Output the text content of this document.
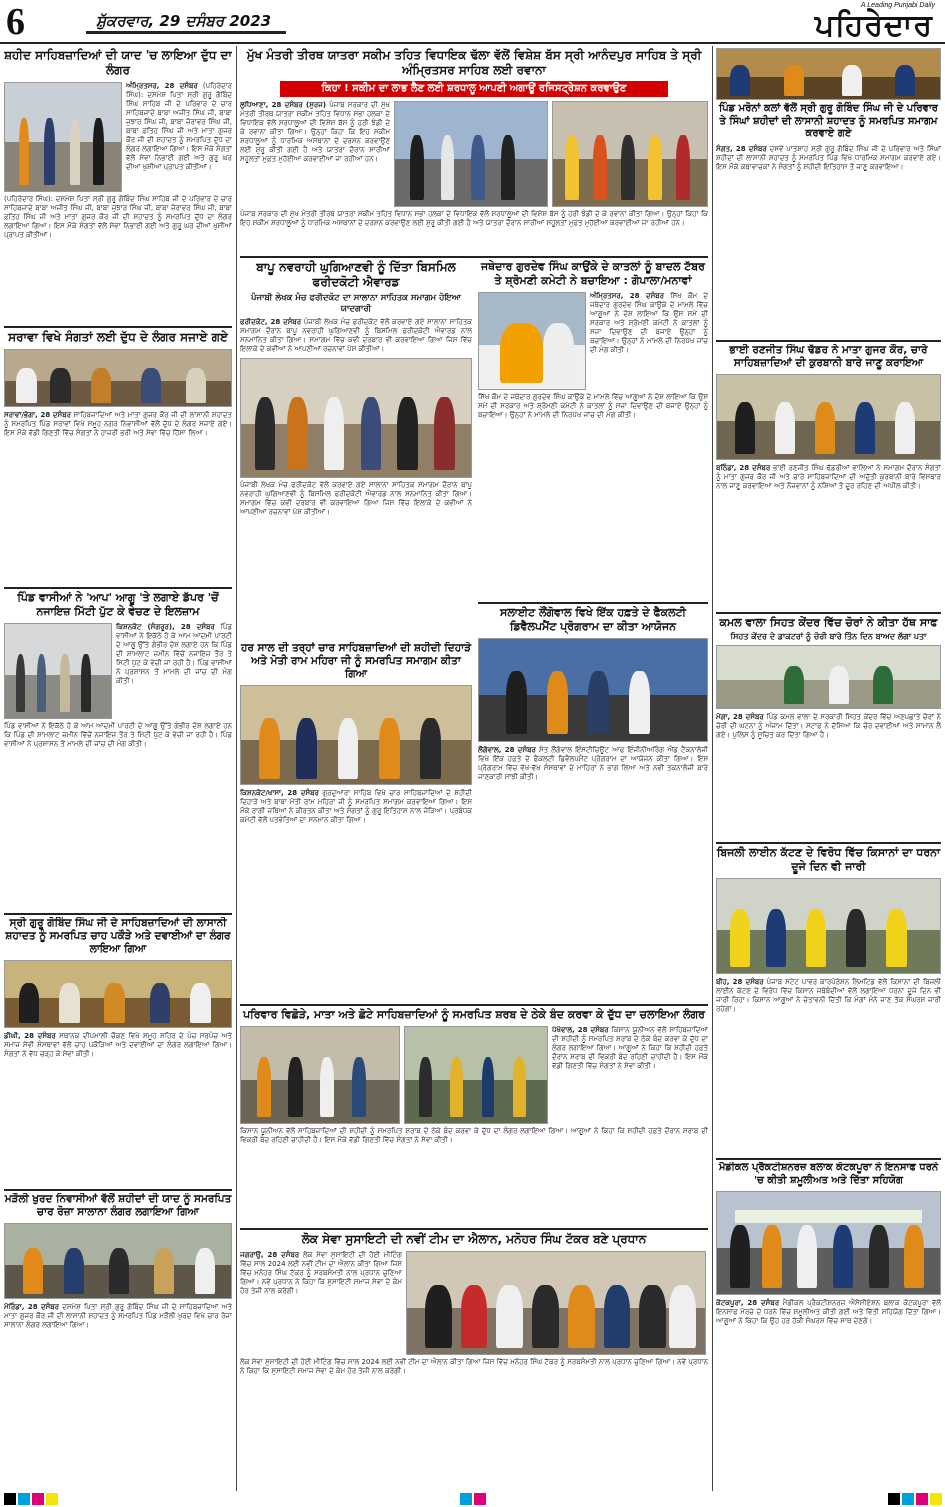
6	ਸ਼ੁੱਕਰਵਾਰ, 29 ਦਸੰਬਰ 2023
A Leading Punjabi Daily
ਪਹਿਰੇਦਾਰ
ਸ਼ਹੀਦ ਸਾਹਿਬਜ਼ਾਦਿਆਂ ਦੀ ਯਾਦ 'ਚ ਲਾਇਆ ਦੁੱਧ ਦਾ ਲੰਗਰ
ਅੰਮ੍ਰਿਤਸਰ, 28 ਦਸੰਬਰ (ਪਹਿਰੇਦਾਰ ਸਿੰਘ): ਦਸਮੇਸ਼ ਪਿਤਾ ਸ੍ਰੀ ਗੁਰੂ ਗੋਬਿੰਦ ਸਿੰਘ ਸਾਹਿਬ ਜੀ ਦੇ ਪਰਿਵਾਰ ਦੇ ਚਾਰ ਸਾਹਿਬਜ਼ਾਦੇ ਬਾਬਾ ਅਜੀਤ ਸਿੰਘ ਜੀ, ਬਾਬਾ ਜੁਝਾਰ ਸਿੰਘ ਜੀ, ਬਾਬਾ ਜ਼ੋਰਾਵਰ ਸਿੰਘ ਜੀ, ਬਾਬਾ ਫ਼ਤਿਹ ਸਿੰਘ ਜੀ ਅਤੇ ਮਾਤਾ ਗੁਜਰ ਕੌਰ ਜੀ ਦੀ ਸ਼ਹਾਦਤ ਨੂੰ ਸਮਰਪਿਤ ਦੁੱਧ ਦਾ ਲੰਗਰ ਲਗਾਇਆ ਗਿਆ। ਇਸ ਮੌਕੇ ਸੰਗਤਾਂ ਵੱਲੋਂ ਸੇਵਾ ਨਿਭਾਈ ਗਈ ਅਤੇ ਗੁਰੂ ਘਰ ਦੀਆਂ ਖੁਸ਼ੀਆਂ ਪ੍ਰਾਪਤ ਕੀਤੀਆਂ।
(ਪਹਿਰੇਦਾਰ ਸਿੰਘ): ਦਸਮੇਸ਼ ਪਿਤਾ ਸ੍ਰੀ ਗੁਰੂ ਗੋਬਿੰਦ ਸਿੰਘ ਸਾਹਿਬ ਜੀ ਦੇ ਪਰਿਵਾਰ ਦੇ ਚਾਰ ਸਾਹਿਬਜ਼ਾਦੇ ਬਾਬਾ ਅਜੀਤ ਸਿੰਘ ਜੀ, ਬਾਬਾ ਜੁਝਾਰ ਸਿੰਘ ਜੀ, ਬਾਬਾ ਜ਼ੋਰਾਵਰ ਸਿੰਘ ਜੀ, ਬਾਬਾ ਫ਼ਤਿਹ ਸਿੰਘ ਜੀ ਅਤੇ ਮਾਤਾ ਗੁਜਰ ਕੌਰ ਜੀ ਦੀ ਸ਼ਹਾਦਤ ਨੂੰ ਸਮਰਪਿਤ ਦੁੱਧ ਦਾ ਲੰਗਰ ਲਗਾਇਆ ਗਿਆ। ਇਸ ਮੌਕੇ ਸੰਗਤਾਂ ਵੱਲੋਂ ਸੇਵਾ ਨਿਭਾਈ ਗਈ ਅਤੇ ਗੁਰੂ ਘਰ ਦੀਆਂ ਖੁਸ਼ੀਆਂ ਪ੍ਰਾਪਤ ਕੀਤੀਆਂ।
ਸਰਾਵਾ ਵਿਖੇ ਸੰਗਤਾਂ ਲਈ ਦੁੱਧ ਦੇ ਲੰਗਰ ਸਜਾਏ ਗਏ
ਸਰਾਵਾਂ/ਭੋਗਾ, 28 ਦਸੰਬਰ ਸਾਹਿਬਜ਼ਾਦਿਆਂ ਅਤੇ ਮਾਤਾ ਗੁਜਰ ਕੌਰ ਜੀ ਦੀ ਲਾਸਾਨੀ ਸ਼ਹਾਦਤ ਨੂੰ ਸਮਰਪਿਤ ਪਿੰਡ ਸਰਾਵਾਂ ਵਿਖੇ ਸਮੂਹ ਨਗਰ ਨਿਵਾਸੀਆਂ ਵੱਲੋਂ ਦੁੱਧ ਦੇ ਲੰਗਰ ਸਜਾਏ ਗਏ। ਇਸ ਮੌਕੇ ਵੱਡੀ ਗਿਣਤੀ ਵਿੱਚ ਸੰਗਤਾਂ ਨੇ ਹਾਜ਼ਰੀ ਭਰੀ ਅਤੇ ਸੇਵਾ ਵਿੱਚ ਹਿੱਸਾ ਲਿਆ।
ਪਿੰਡ ਵਾਸੀਆਂ ਨੇ 'ਆਪ' ਆਗੂ 'ਤੇ ਲਗਾਏ ਡੱਪਰ 'ਚੋਂ ਨਜਾਇਜ਼ ਮਿੱਟੀ ਪੁੱਟ ਕੇ ਵੇਚਣ ਦੇ ਇਲਜ਼ਾਮ
ਕਿਸ਼ਨਕੋਟ (ਸੰਗਰੂਰ), 28 ਦਸੰਬਰ ਪਿੰਡ ਵਾਸੀਆਂ ਨੇ ਇਕੱਠੇ ਹੋ ਕੇ ਆਮ ਆਦਮੀ ਪਾਰਟੀ ਦੇ ਆਗੂ ਉੱਤੇ ਗੰਭੀਰ ਦੋਸ਼ ਲਗਾਏ ਹਨ ਕਿ ਪਿੰਡ ਦੀ ਸ਼ਾਮਲਾਟ ਜ਼ਮੀਨ ਵਿੱਚੋਂ ਨਜਾਇਜ਼ ਤੌਰ ਤੇ ਮਿੱਟੀ ਪੁੱਟ ਕੇ ਵੇਚੀ ਜਾ ਰਹੀ ਹੈ। ਪਿੰਡ ਵਾਸੀਆਂ ਨੇ ਪ੍ਰਸ਼ਾਸਨ ਤੋਂ ਮਾਮਲੇ ਦੀ ਜਾਂਚ ਦੀ ਮੰਗ ਕੀਤੀ।
ਪਿੰਡ ਵਾਸੀਆਂ ਨੇ ਇਕੱਠੇ ਹੋ ਕੇ ਆਮ ਆਦਮੀ ਪਾਰਟੀ ਦੇ ਆਗੂ ਉੱਤੇ ਗੰਭੀਰ ਦੋਸ਼ ਲਗਾਏ ਹਨ ਕਿ ਪਿੰਡ ਦੀ ਸ਼ਾਮਲਾਟ ਜ਼ਮੀਨ ਵਿੱਚੋਂ ਨਜਾਇਜ਼ ਤੌਰ ਤੇ ਮਿੱਟੀ ਪੁੱਟ ਕੇ ਵੇਚੀ ਜਾ ਰਹੀ ਹੈ। ਪਿੰਡ ਵਾਸੀਆਂ ਨੇ ਪ੍ਰਸ਼ਾਸਨ ਤੋਂ ਮਾਮਲੇ ਦੀ ਜਾਂਚ ਦੀ ਮੰਗ ਕੀਤੀ।
ਸ੍ਰੀ ਗੁਰੂ ਗੋਬਿੰਦ ਸਿੰਘ ਜੀ ਦੇ ਸਾਹਿਬਜ਼ਾਦਿਆਂ ਦੀ ਲਾਸਾਨੀ ਸ਼ਹਾਦਤ ਨੂੰ ਸਮਰਪਿਤ ਚਾਹ ਪਕੌੜੇ ਅਤੇ ਦਵਾਈਆਂ ਦਾ ਲੰਗਰ ਲਾਇਆ ਗਿਆ
ਡੀਘੀ, 28 ਦਸੰਬਰ ਸਥਾਨਕ ਦੀਪਮਾਲੀ ਚੌਕਣ ਵਿਖੇ ਸਮੂਹ ਸ਼ਹਿਰ ਦੇ ਪੰਚ ਸਰਪੰਚ ਅਤੇ ਸਮਾਜ ਸੇਵੀ ਸੰਸਥਾਵਾਂ ਵੱਲੋਂ ਚਾਹ ਪਕੌੜਿਆਂ ਅਤੇ ਦਵਾਈਆਂ ਦਾ ਲੰਗਰ ਲਗਾਇਆ ਗਿਆ। ਸੰਗਤਾਂ ਨੇ ਵੱਧ ਚੜ੍ਹ ਕੇ ਸੇਵਾ ਕੀਤੀ।
ਮੜੌਲੀ ਖੁਰਦ ਨਿਵਾਸੀਆਂ ਵੱਲੋਂ ਸ਼ਹੀਦਾਂ ਦੀ ਯਾਦ ਨੂੰ ਸਮਰਪਿਤ ਚਾਰ ਰੋਜ਼ਾ ਸਾਲਾਨਾ ਲੰਗਰ ਲਗਾਇਆ ਗਿਆ
ਮੋਰਿੰਡਾ, 28 ਦਸੰਬਰ ਦਸਮੇਸ਼ ਪਿਤਾ ਸ੍ਰੀ ਗੁਰੂ ਗੋਬਿੰਦ ਸਿੰਘ ਜੀ ਦੇ ਸਾਹਿਬਜ਼ਾਦਿਆਂ ਅਤੇ ਮਾਤਾ ਗੁਜਰ ਕੌਰ ਜੀ ਦੀ ਲਾਸਾਨੀ ਸ਼ਹਾਦਤ ਨੂੰ ਸਮਰਪਿਤ ਪਿੰਡ ਮੜੌਲੀ ਖੁਰਦ ਵਿਖੇ ਚਾਰ ਰੋਜ਼ਾ ਸਾਲਾਨਾ ਲੰਗਰ ਲਗਾਇਆ ਗਿਆ।
ਮੁੱਖ ਮੰਤਰੀ ਤੀਰਥ ਯਾਤਰਾ ਸਕੀਮ ਤਹਿਤ ਵਿਧਾਇਕ ਢੱਲਾ ਵੱਲੋਂ ਵਿਸ਼ੇਸ਼ ਬੱਸ ਸ੍ਰੀ ਆਨੰਦਪੁਰ ਸਾਹਿਬ ਤੇ ਸ੍ਰੀ ਅੰਮ੍ਰਿਤਸਰ ਸਾਹਿਬ ਲਈ ਰਵਾਨਾ
ਕਿਹਾ ! ਸਕੀਮ ਦਾ ਲਾਭ ਲੈਣ ਲਈ ਸ਼ਰਧਾਲੂ ਆਪਣੀ ਅਗਾਊਂ ਰਜਿਸਟ੍ਰੇਸ਼ਨ ਕਰਵਾਉਣ
ਲੁਧਿਆਣਾ, 28 ਦਸੰਬਰ (ਸੁਰਜ) ਪੰਜਾਬ ਸਰਕਾਰ ਦੀ ਮੁੱਖ ਮੰਤਰੀ ਤੀਰਥ ਯਾਤਰਾ ਸਕੀਮ ਤਹਿਤ ਵਿਧਾਨ ਸਭਾ ਹਲਕਾ ਦੇ ਵਿਧਾਇਕ ਵੱਲੋਂ ਸ਼ਰਧਾਲੂਆਂ ਦੀ ਵਿਸ਼ੇਸ਼ ਬੱਸ ਨੂੰ ਹਰੀ ਝੰਡੀ ਦੇ ਕੇ ਰਵਾਨਾ ਕੀਤਾ ਗਿਆ। ਉਨ੍ਹਾਂ ਕਿਹਾ ਕਿ ਇਹ ਸਕੀਮ ਸ਼ਰਧਾਲੂਆਂ ਨੂੰ ਧਾਰਮਿਕ ਅਸਥਾਨਾਂ ਦੇ ਦਰਸ਼ਨ ਕਰਵਾਉਣ ਲਈ ਸ਼ੁਰੂ ਕੀਤੀ ਗਈ ਹੈ ਅਤੇ ਯਾਤਰਾ ਦੌਰਾਨ ਸਾਰੀਆਂ ਸਹੂਲਤਾਂ ਮੁਫ਼ਤ ਮੁਹੱਈਆ ਕਰਵਾਈਆਂ ਜਾ ਰਹੀਆਂ ਹਨ।
ਪੰਜਾਬ ਸਰਕਾਰ ਦੀ ਮੁੱਖ ਮੰਤਰੀ ਤੀਰਥ ਯਾਤਰਾ ਸਕੀਮ ਤਹਿਤ ਵਿਧਾਨ ਸਭਾ ਹਲਕਾ ਦੇ ਵਿਧਾਇਕ ਵੱਲੋਂ ਸ਼ਰਧਾਲੂਆਂ ਦੀ ਵਿਸ਼ੇਸ਼ ਬੱਸ ਨੂੰ ਹਰੀ ਝੰਡੀ ਦੇ ਕੇ ਰਵਾਨਾ ਕੀਤਾ ਗਿਆ। ਉਨ੍ਹਾਂ ਕਿਹਾ ਕਿ ਇਹ ਸਕੀਮ ਸ਼ਰਧਾਲੂਆਂ ਨੂੰ ਧਾਰਮਿਕ ਅਸਥਾਨਾਂ ਦੇ ਦਰਸ਼ਨ ਕਰਵਾਉਣ ਲਈ ਸ਼ੁਰੂ ਕੀਤੀ ਗਈ ਹੈ ਅਤੇ ਯਾਤਰਾ ਦੌਰਾਨ ਸਾਰੀਆਂ ਸਹੂਲਤਾਂ ਮੁਫ਼ਤ ਮੁਹੱਈਆ ਕਰਵਾਈਆਂ ਜਾ ਰਹੀਆਂ ਹਨ।
ਬਾਪੂ ਨਵਰਾਹੀ ਘੁਗਿਆਣਵੀ ਨੂੰ ਦਿੱਤਾ ਬਿਸਮਿਲ ਫਰੀਦਕੋਟੀ ਐਵਾਰਡ
ਪੰਜਾਬੀ ਲੇਖਕ ਮੰਚ ਫਰੀਦਕੋਟ ਦਾ ਸਾਲਾਨਾ ਸਾਹਿਤਕ ਸਮਾਗਮ ਹੋਇਆ ਯਾਦਗਾਰੀ
ਫਰੀਦਕੋਟ, 28 ਦਸੰਬਰ ਪੰਜਾਬੀ ਲੇਖਕ ਮੰਚ ਫਰੀਦਕੋਟ ਵੱਲੋਂ ਕਰਵਾਏ ਗਏ ਸਾਲਾਨਾ ਸਾਹਿਤਕ ਸਮਾਗਮ ਦੌਰਾਨ ਬਾਪੂ ਨਵਰਾਹੀ ਘੁਗਿਆਣਵੀ ਨੂੰ ਬਿਸਮਿਲ ਫਰੀਦਕੋਟੀ ਐਵਾਰਡ ਨਾਲ ਸਨਮਾਨਿਤ ਕੀਤਾ ਗਿਆ। ਸਮਾਗਮ ਵਿੱਚ ਕਵੀ ਦਰਬਾਰ ਵੀ ਕਰਵਾਇਆ ਗਿਆ ਜਿਸ ਵਿੱਚ ਇਲਾਕੇ ਦੇ ਕਵੀਆਂ ਨੇ ਆਪਣੀਆਂ ਰਚਨਾਵਾਂ ਪੇਸ਼ ਕੀਤੀਆਂ।
ਪੰਜਾਬੀ ਲੇਖਕ ਮੰਚ ਫਰੀਦਕੋਟ ਵੱਲੋਂ ਕਰਵਾਏ ਗਏ ਸਾਲਾਨਾ ਸਾਹਿਤਕ ਸਮਾਗਮ ਦੌਰਾਨ ਬਾਪੂ ਨਵਰਾਹੀ ਘੁਗਿਆਣਵੀ ਨੂੰ ਬਿਸਮਿਲ ਫਰੀਦਕੋਟੀ ਐਵਾਰਡ ਨਾਲ ਸਨਮਾਨਿਤ ਕੀਤਾ ਗਿਆ। ਸਮਾਗਮ ਵਿੱਚ ਕਵੀ ਦਰਬਾਰ ਵੀ ਕਰਵਾਇਆ ਗਿਆ ਜਿਸ ਵਿੱਚ ਇਲਾਕੇ ਦੇ ਕਵੀਆਂ ਨੇ ਆਪਣੀਆਂ ਰਚਨਾਵਾਂ ਪੇਸ਼ ਕੀਤੀਆਂ।
ਹਰ ਸਾਲ ਦੀ ਤਰ੍ਹਾਂ ਚਾਰ ਸਾਹਿਬਜ਼ਾਦਿਆਂ ਦੀ ਸ਼ਹੀਦੀ ਦਿਹਾੜੇ ਅਤੇ ਮੋਤੀ ਰਾਮ ਮਹਿਰਾ ਜੀ ਨੂੰ ਸਮਰਪਿਤ ਸਮਾਗਮ ਕੀਤਾ ਗਿਆ
ਕਿਸ਼ਨਕੋਟ/ਖਾਸਾ, 28 ਦਸੰਬਰ ਗੁਰਦੁਆਰਾ ਸਾਹਿਬ ਵਿਖੇ ਚਾਰ ਸਾਹਿਬਜ਼ਾਦਿਆਂ ਦੇ ਸ਼ਹੀਦੀ ਦਿਹਾੜੇ ਅਤੇ ਬਾਬਾ ਮੋਤੀ ਰਾਮ ਮਹਿਰਾ ਜੀ ਨੂੰ ਸਮਰਪਿਤ ਸਮਾਗਮ ਕਰਵਾਇਆ ਗਿਆ। ਇਸ ਮੌਕੇ ਰਾਗੀ ਜਥਿਆਂ ਨੇ ਕੀਰਤਨ ਕੀਤਾ ਅਤੇ ਸੰਗਤਾਂ ਨੂੰ ਗੁਰੂ ਇਤਿਹਾਸ ਨਾਲ ਜੋੜਿਆ। ਪ੍ਰਬੰਧਕ ਕਮੇਟੀ ਵੱਲੋਂ ਪਤਵੰਤਿਆਂ ਦਾ ਸਨਮਾਨ ਕੀਤਾ ਗਿਆ।
ਜਥੇਦਾਰ ਗੁਰਦੇਵ ਸਿੰਘ ਕਾਉਂਕੇ ਦੇ ਕਾਤਲਾਂ ਨੂੰ ਬਾਦਲ ਟੱਬਰ ਤੇ ਸ਼੍ਰੋਮਣੀ ਕਮੇਟੀ ਨੇ ਬਚਾਇਆ : ਗੋਪਾਲਾ/ਮਨਾਵਾਂ
ਅੰਮ੍ਰਿਤਸਰ, 28 ਦਸੰਬਰ ਸਿੱਖ ਕੌਮ ਦੇ ਜਥੇਦਾਰ ਗੁਰਦੇਵ ਸਿੰਘ ਕਾਉਂਕੇ ਦੇ ਮਾਮਲੇ ਵਿੱਚ ਆਗੂਆਂ ਨੇ ਦੋਸ਼ ਲਾਇਆ ਕਿ ਉਸ ਸਮੇਂ ਦੀ ਸਰਕਾਰ ਅਤੇ ਸ਼੍ਰੋਮਣੀ ਕਮੇਟੀ ਨੇ ਕਾਤਲਾਂ ਨੂੰ ਸਜ਼ਾ ਦਿਵਾਉਣ ਦੀ ਬਜਾਏ ਉਨ੍ਹਾਂ ਨੂੰ ਬਚਾਇਆ। ਉਨ੍ਹਾਂ ਨੇ ਮਾਮਲੇ ਦੀ ਨਿਰਪੱਖ ਜਾਂਚ ਦੀ ਮੰਗ ਕੀਤੀ।
ਸਿੱਖ ਕੌਮ ਦੇ ਜਥੇਦਾਰ ਗੁਰਦੇਵ ਸਿੰਘ ਕਾਉਂਕੇ ਦੇ ਮਾਮਲੇ ਵਿੱਚ ਆਗੂਆਂ ਨੇ ਦੋਸ਼ ਲਾਇਆ ਕਿ ਉਸ ਸਮੇਂ ਦੀ ਸਰਕਾਰ ਅਤੇ ਸ਼੍ਰੋਮਣੀ ਕਮੇਟੀ ਨੇ ਕਾਤਲਾਂ ਨੂੰ ਸਜ਼ਾ ਦਿਵਾਉਣ ਦੀ ਬਜਾਏ ਉਨ੍ਹਾਂ ਨੂੰ ਬਚਾਇਆ। ਉਨ੍ਹਾਂ ਨੇ ਮਾਮਲੇ ਦੀ ਨਿਰਪੱਖ ਜਾਂਚ ਦੀ ਮੰਗ ਕੀਤੀ।
ਸਲਾਈਟ ਲੌਂਗੋਵਾਲ ਵਿਖੇ ਇੱਕ ਹਫ਼ਤੇ ਦੇ ਫੈਕਲਟੀ ਡਿਵੈਲਪਮੈਂਟ ਪ੍ਰੋਗਰਾਮ ਦਾ ਕੀਤਾ ਆਯੋਜਨ
ਲੌਂਗੋਵਾਲ, 28 ਦਸੰਬਰ ਸੰਤ ਲੌਂਗੋਵਾਲ ਇੰਸਟੀਚਿਊਟ ਆਫ ਇੰਜੀਨੀਅਰਿੰਗ ਐਂਡ ਟੈਕਨਾਲੋਜੀ ਵਿਖੇ ਇੱਕ ਹਫ਼ਤੇ ਦੇ ਫੈਕਲਟੀ ਡਿਵੈਲਪਮੈਂਟ ਪ੍ਰੋਗਰਾਮ ਦਾ ਆਯੋਜਨ ਕੀਤਾ ਗਿਆ। ਇਸ ਪ੍ਰੋਗਰਾਮ ਵਿੱਚ ਵੱਖ-ਵੱਖ ਸੰਸਥਾਵਾਂ ਦੇ ਮਾਹਿਰਾਂ ਨੇ ਭਾਗ ਲਿਆ ਅਤੇ ਨਵੀਂ ਤਕਨਾਲੋਜੀ ਬਾਰੇ ਜਾਣਕਾਰੀ ਸਾਂਝੀ ਕੀਤੀ।
ਪਰਿਵਾਰ ਵਿਛੋੜੇ, ਮਾਤਾ ਅਤੇ ਛੋਟੇ ਸਾਹਿਬਜ਼ਾਦਿਆਂ ਨੂੰ ਸਮਰਪਿਤ ਸ਼ਰਬ ਦੇ ਠੇਕੇ ਬੰਦ ਕਰਵਾ ਕੇ ਦੁੱਧ ਦਾ ਚਲਾਇਆ ਲੰਗਰ
ਪੱਖੋਵਾਲ, 28 ਦਸੰਬਰ ਕਿਸਾਨ ਯੂਨੀਅਨ ਵੱਲੋਂ ਸਾਹਿਬਜ਼ਾਦਿਆਂ ਦੀ ਸ਼ਹੀਦੀ ਨੂੰ ਸਮਰਪਿਤ ਸ਼ਰਾਬ ਦੇ ਠੇਕੇ ਬੰਦ ਕਰਵਾ ਕੇ ਦੁੱਧ ਦਾ ਲੰਗਰ ਲਗਾਇਆ ਗਿਆ। ਆਗੂਆਂ ਨੇ ਕਿਹਾ ਕਿ ਸ਼ਹੀਦੀ ਹਫ਼ਤੇ ਦੌਰਾਨ ਸ਼ਰਾਬ ਦੀ ਵਿਕਰੀ ਬੰਦ ਰਹਿਣੀ ਚਾਹੀਦੀ ਹੈ। ਇਸ ਮੌਕੇ ਵੱਡੀ ਗਿਣਤੀ ਵਿੱਚ ਸੰਗਤਾਂ ਨੇ ਸੇਵਾ ਕੀਤੀ।
ਕਿਸਾਨ ਯੂਨੀਅਨ ਵੱਲੋਂ ਸਾਹਿਬਜ਼ਾਦਿਆਂ ਦੀ ਸ਼ਹੀਦੀ ਨੂੰ ਸਮਰਪਿਤ ਸ਼ਰਾਬ ਦੇ ਠੇਕੇ ਬੰਦ ਕਰਵਾ ਕੇ ਦੁੱਧ ਦਾ ਲੰਗਰ ਲਗਾਇਆ ਗਿਆ। ਆਗੂਆਂ ਨੇ ਕਿਹਾ ਕਿ ਸ਼ਹੀਦੀ ਹਫ਼ਤੇ ਦੌਰਾਨ ਸ਼ਰਾਬ ਦੀ ਵਿਕਰੀ ਬੰਦ ਰਹਿਣੀ ਚਾਹੀਦੀ ਹੈ। ਇਸ ਮੌਕੇ ਵੱਡੀ ਗਿਣਤੀ ਵਿੱਚ ਸੰਗਤਾਂ ਨੇ ਸੇਵਾ ਕੀਤੀ।
ਲੋਕ ਸੇਵਾ ਸੁਸਾਇਟੀ ਦੀ ਨਵੀਂ ਟੀਮ ਦਾ ਐਲਾਨ, ਮਨੋਹਰ ਸਿੰਘ ਟੱਕਰ ਬਣੇ ਪ੍ਰਧਾਨ
ਜਗਰਾਉਂ, 28 ਦਸੰਬਰ ਲੋਕ ਸੇਵਾ ਸੁਸਾਇਟੀ ਦੀ ਹੋਈ ਮੀਟਿੰਗ ਵਿੱਚ ਸਾਲ 2024 ਲਈ ਨਵੀਂ ਟੀਮ ਦਾ ਐਲਾਨ ਕੀਤਾ ਗਿਆ ਜਿਸ ਵਿੱਚ ਮਨੋਹਰ ਸਿੰਘ ਟੱਕਰ ਨੂੰ ਸਰਬਸੰਮਤੀ ਨਾਲ ਪ੍ਰਧਾਨ ਚੁਣਿਆ ਗਿਆ। ਨਵੇਂ ਪ੍ਰਧਾਨ ਨੇ ਕਿਹਾ ਕਿ ਸੁਸਾਇਟੀ ਸਮਾਜ ਸੇਵਾ ਦੇ ਕੰਮ ਹੋਰ ਤੇਜ਼ੀ ਨਾਲ ਕਰੇਗੀ।
ਲੋਕ ਸੇਵਾ ਸੁਸਾਇਟੀ ਦੀ ਹੋਈ ਮੀਟਿੰਗ ਵਿੱਚ ਸਾਲ 2024 ਲਈ ਨਵੀਂ ਟੀਮ ਦਾ ਐਲਾਨ ਕੀਤਾ ਗਿਆ ਜਿਸ ਵਿੱਚ ਮਨੋਹਰ ਸਿੰਘ ਟੱਕਰ ਨੂੰ ਸਰਬਸੰਮਤੀ ਨਾਲ ਪ੍ਰਧਾਨ ਚੁਣਿਆ ਗਿਆ। ਨਵੇਂ ਪ੍ਰਧਾਨ ਨੇ ਕਿਹਾ ਕਿ ਸੁਸਾਇਟੀ ਸਮਾਜ ਸੇਵਾ ਦੇ ਕੰਮ ਹੋਰ ਤੇਜ਼ੀ ਨਾਲ ਕਰੇਗੀ।
ਪਿੰਡ ਮਰੋਨਾਂ ਕਲਾਂ ਵੱਲੋਂ ਸ੍ਰੀ ਗੁਰੂ ਗੋਬਿੰਦ ਸਿੰਘ ਜੀ ਦੇ ਪਰਿਵਾਰ ਤੇ ਸਿੰਘਾਂ ਸ਼ਹੀਦਾਂ ਦੀ ਲਾਸਾਨੀ ਸ਼ਹਾਦਤ ਨੂੰ ਸਮਰਪਿਤ ਸਮਾਗਮ ਕਰਵਾਏ ਗਏ
ਸੰਗਤ, 28 ਦਸੰਬਰ ਦਸਵੇਂ ਪਾਤਸ਼ਾਹ ਸ੍ਰੀ ਗੁਰੂ ਗੋਬਿੰਦ ਸਿੰਘ ਜੀ ਦੇ ਪਰਿਵਾਰ ਅਤੇ ਸਿੰਘਾਂ ਸ਼ਹੀਦਾਂ ਦੀ ਲਾਸਾਨੀ ਸ਼ਹਾਦਤ ਨੂੰ ਸਮਰਪਿਤ ਪਿੰਡ ਵਿਖੇ ਧਾਰਮਿਕ ਸਮਾਗਮ ਕਰਵਾਏ ਗਏ। ਇਸ ਮੌਕੇ ਕਥਾਵਾਚਕਾਂ ਨੇ ਸੰਗਤਾਂ ਨੂੰ ਸ਼ਹੀਦੀ ਇਤਿਹਾਸ ਤੋਂ ਜਾਣੂ ਕਰਵਾਇਆ।
ਭਾਈ ਰਣਜੀਤ ਸਿੰਘ ਢੱਡਰ ਨੇ ਮਾਤਾ ਗੁਜਰ ਕੌਰ, ਚਾਰੇ ਸਾਹਿਬਜ਼ਾਦਿਆਂ ਦੀ ਕੁਰਬਾਨੀ ਬਾਰੇ ਜਾਣੂ ਕਰਾਇਆ
ਬਠਿੰਡਾ, 28 ਦਸੰਬਰ ਭਾਈ ਰਣਜੀਤ ਸਿੰਘ ਢੱਡਰੀਆਂ ਵਾਲਿਆਂ ਨੇ ਸਮਾਗਮ ਦੌਰਾਨ ਸੰਗਤਾਂ ਨੂੰ ਮਾਤਾ ਗੁਜਰ ਕੌਰ ਜੀ ਅਤੇ ਚਾਰੇ ਸਾਹਿਬਜ਼ਾਦਿਆਂ ਦੀ ਅਦੁੱਤੀ ਕੁਰਬਾਨੀ ਬਾਰੇ ਵਿਸਥਾਰ ਨਾਲ ਜਾਣੂ ਕਰਵਾਇਆ ਅਤੇ ਨੌਜਵਾਨਾਂ ਨੂੰ ਨਸ਼ਿਆਂ ਤੋਂ ਦੂਰ ਰਹਿਣ ਦੀ ਅਪੀਲ ਕੀਤੀ।
ਕਮਲ ਵਾਲਾ ਸਿਹਤ ਕੇਂਦਰ ਵਿੱਚ ਚੋਰਾਂ ਨੇ ਕੀਤਾ ਹੱਥ ਸਾਫ
ਸਿਹਤ ਕੇਂਦਰ ਦੇ ਡਾਕਟਰਾਂ ਨੂੰ ਚੋਰੀ ਬਾਰੇ ਤਿੰਨ ਦਿਨ ਬਾਅਦ ਲੱਗਾ ਪਤਾ
ਮੋਗਾ, 28 ਦਸੰਬਰ ਪਿੰਡ ਕਮਲ ਵਾਲਾ ਦੇ ਸਰਕਾਰੀ ਸਿਹਤ ਕੇਂਦਰ ਵਿੱਚ ਅਣਪਛਾਤੇ ਚੋਰਾਂ ਨੇ ਚੋਰੀ ਦੀ ਘਟਨਾ ਨੂੰ ਅੰਜਾਮ ਦਿੱਤਾ। ਸਟਾਫ਼ ਨੇ ਦੱਸਿਆ ਕਿ ਚੋਰ ਦਵਾਈਆਂ ਅਤੇ ਸਾਮਾਨ ਲੈ ਗਏ। ਪੁਲਿਸ ਨੂੰ ਸੂਚਿਤ ਕਰ ਦਿੱਤਾ ਗਿਆ ਹੈ।
ਬਿਜਲੀ ਲਾਈਨ ਕੱਟਣ ਦੇ ਵਿਰੋਧ ਵਿੱਚ ਕਿਸਾਨਾਂ ਦਾ ਧਰਨਾ ਦੂਜੇ ਦਿਨ ਵੀ ਜਾਰੀ
ਬੀਹ, 28 ਦਸੰਬਰ ਪੰਜਾਬ ਸਟੇਟ ਪਾਵਰ ਕਾਰਪੋਰੇਸ਼ਨ ਲਿਮਟਿਡ ਵੱਲੋਂ ਕਿਸਾਨਾਂ ਦੀ ਬਿਜਲੀ ਲਾਈਨ ਕੱਟਣ ਦੇ ਵਿਰੋਧ ਵਿੱਚ ਕਿਸਾਨ ਜਥੇਬੰਦੀਆਂ ਵੱਲੋਂ ਲਗਾਇਆ ਧਰਨਾ ਦੂਜੇ ਦਿਨ ਵੀ ਜਾਰੀ ਰਿਹਾ। ਕਿਸਾਨ ਆਗੂਆਂ ਨੇ ਚੇਤਾਵਨੀ ਦਿੱਤੀ ਕਿ ਮੰਗਾਂ ਮੰਨੇ ਜਾਣ ਤੱਕ ਸੰਘਰਸ਼ ਜਾਰੀ ਰਹੇਗਾ।
ਮੈਡੀਕਲ ਪ੍ਰੈਕਟੀਸ਼ਨਰਜ਼ ਬਲਾਕ ਕੋਟਕਪੂਰਾ ਨੇ ਇਨਸਾਫ ਧਰਨੇ 'ਚ ਕੀਤੀ ਸ਼ਮੂਲੀਅਤ ਅਤੇ ਦਿੱਤਾ ਸਹਿਯੋਗ
ਕੋਟਕਪੂਰਾ, 28 ਦਸੰਬਰ ਮੈਡੀਕਲ ਪ੍ਰੈਕਟੀਸ਼ਨਰਜ਼ ਐਸੋਸੀਏਸ਼ਨ ਬਲਾਕ ਕੋਟਕਪੂਰਾ ਵੱਲੋਂ ਇਨਸਾਫ ਮੋਰਚੇ ਦੇ ਧਰਨੇ ਵਿੱਚ ਸ਼ਮੂਲੀਅਤ ਕੀਤੀ ਗਈ ਅਤੇ ਵਿੱਤੀ ਸਹਿਯੋਗ ਦਿੱਤਾ ਗਿਆ। ਆਗੂਆਂ ਨੇ ਕਿਹਾ ਕਿ ਉਹ ਹਰ ਹੱਕੀ ਸੰਘਰਸ਼ ਵਿੱਚ ਸਾਥ ਦੇਣਗੇ।
